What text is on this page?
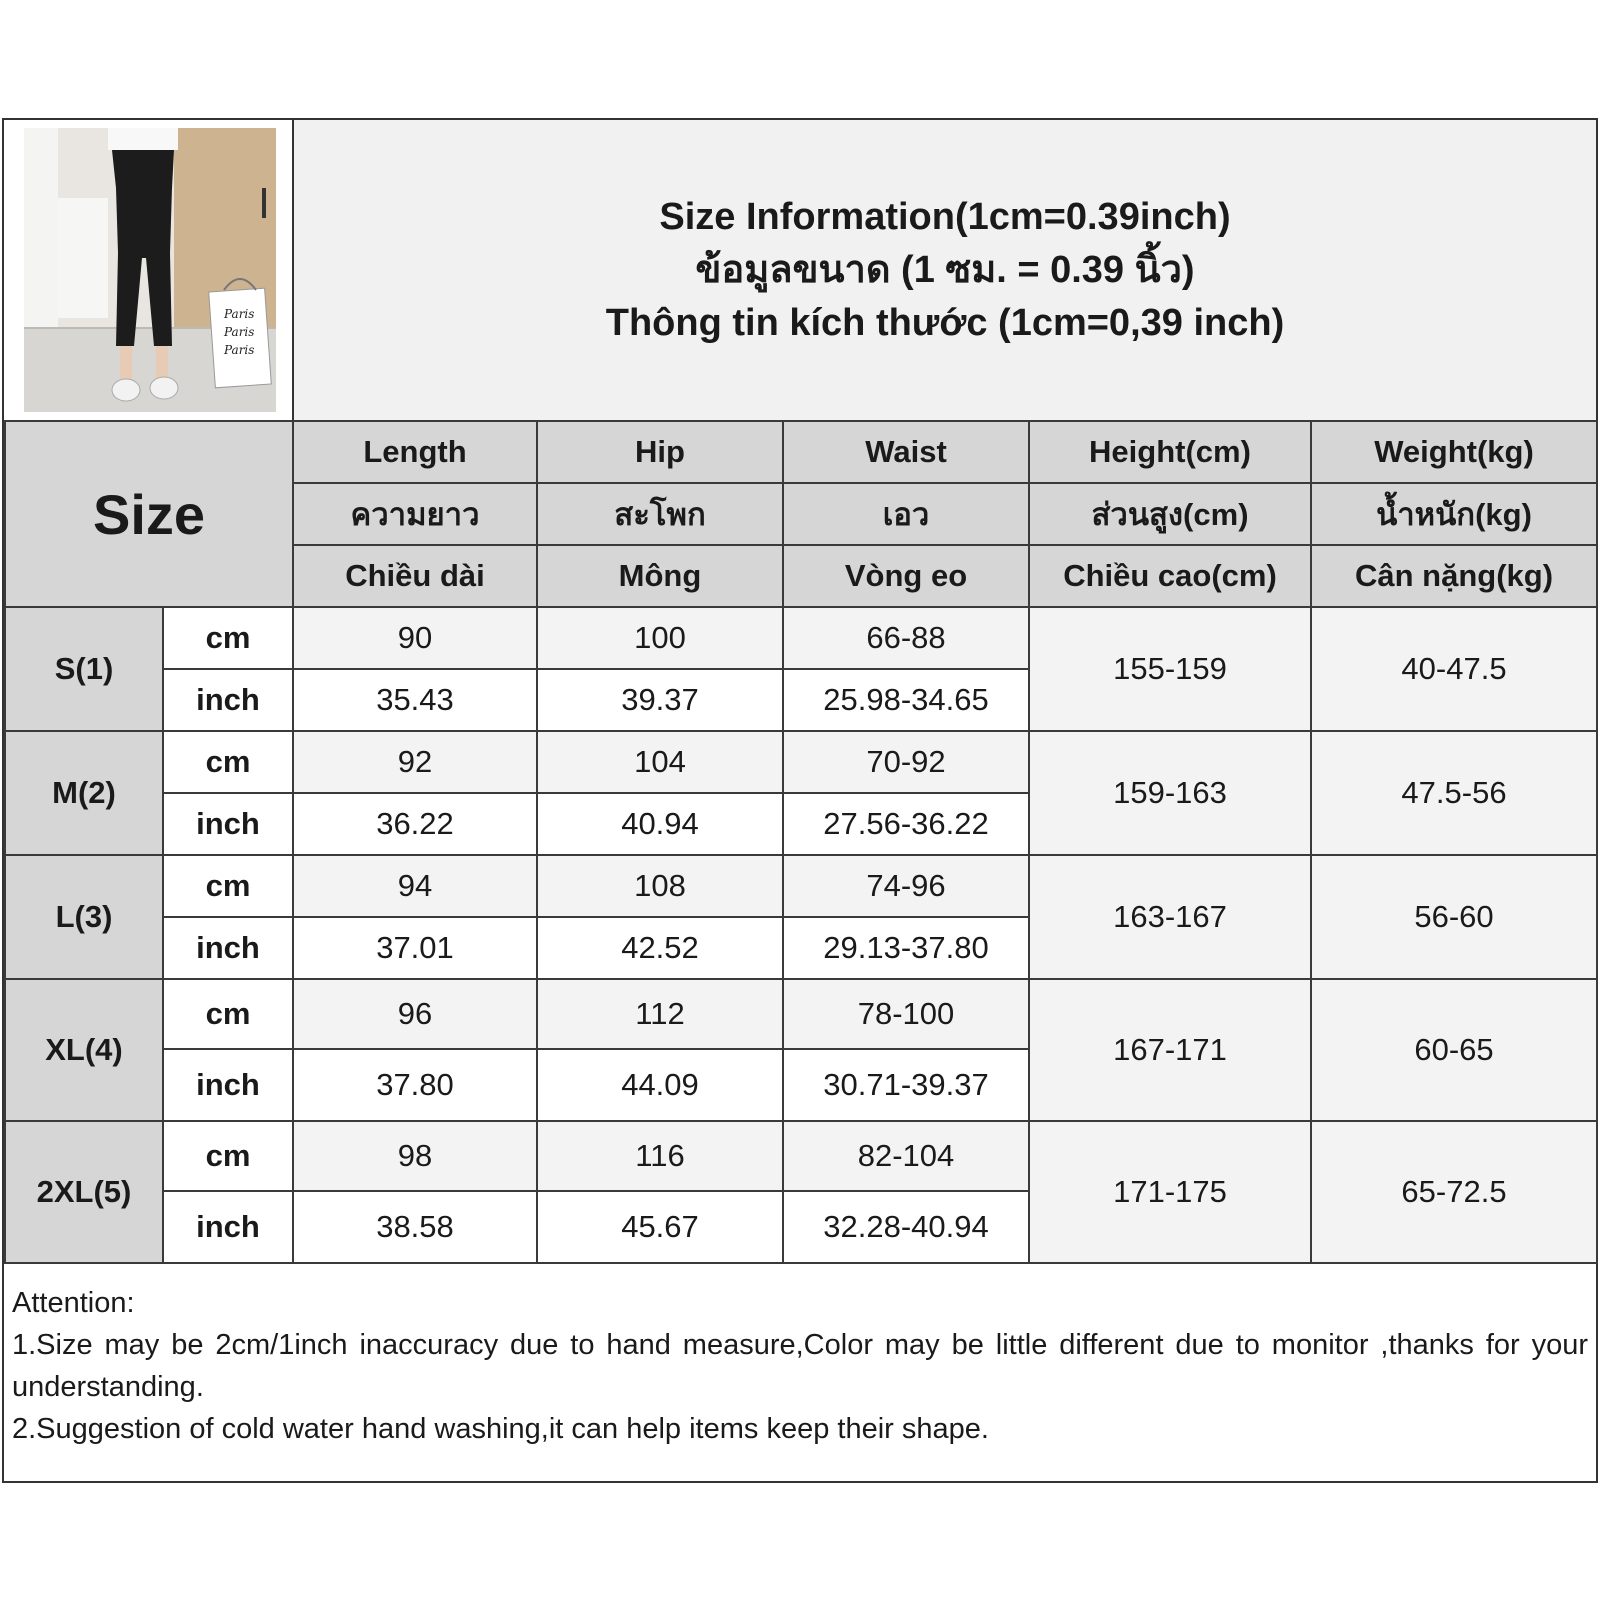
Paris
Paris
Paris
Size Information(1cm=0.39inch)
ข้อมูลขนาด (1 ซม. = 0.39 นิ้ว)
Thông tin kích thước (1cm=0,39 inch)
Size		Length	Hip	Waist	Height(cm)	Weight(kg)
		ความยาว	สะโพก	เอว	ส่วนสูง(cm)	น้ำหนัก(kg)
		Chiều dài	Mông	Vòng eo	Chiều cao(cm)	Cân nặng(kg)
S(1)	cm	90	100	66-88	155-159	40-47.5
	inch	35.43	39.37	25.98-34.65		
M(2)	cm	92	104	70-92	159-163	47.5-56
	inch	36.22	40.94	27.56-36.22		
L(3)	cm	94	108	74-96	163-167	56-60
	inch	37.01	42.52	29.13-37.80		
XL(4)	cm	96	112	78-100	167-171	60-65
	inch	37.80	44.09	30.71-39.37		
2XL(5)	cm	98	116	82-104	171-175	65-72.5
	inch	38.58	45.67	32.28-40.94		
Attention:
1.Size may be 2cm/1inch inaccuracy due to hand measure,Color may be little different due to monitor ,thanks for your understanding.
2.Suggestion of cold water hand washing,it can help items keep their shape.
